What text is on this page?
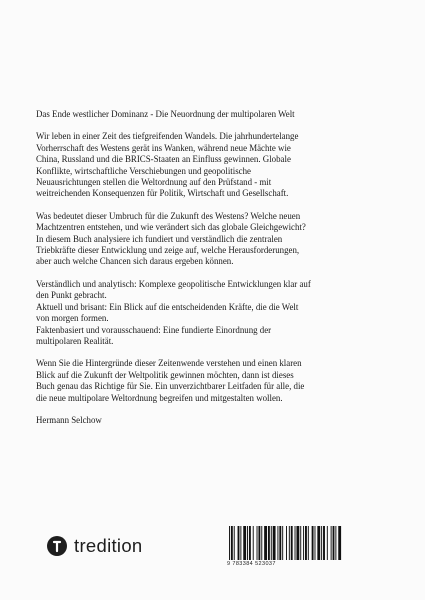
Das Ende westlicher Dominanz - Die Neuordnung der multipolaren Welt

Wir leben in einer Zeit des tiefgreifenden Wandels. Die jahrhundertelange
Vorherrschaft des Westens gerät ins Wanken, während neue Mächte wie
China, Russland und die BRICS-Staaten an Einfluss gewinnen. Globale
Konflikte, wirtschaftliche Verschiebungen und geopolitische
Neuausrichtungen stellen die Weltordnung auf den Prüfstand - mit
weitreichenden Konsequenzen für Politik, Wirtschaft und Gesellschaft.

Was bedeutet dieser Umbruch für die Zukunft des Westens? Welche neuen
Machtzentren entstehen, und wie verändert sich das globale Gleichgewicht?
In diesem Buch analysiere ich fundiert und verständlich die zentralen
Triebkräfte dieser Entwicklung und zeige auf, welche Herausforderungen,
aber auch welche Chancen sich daraus ergeben können.

Verständlich und analytisch: Komplexe geopolitische Entwicklungen klar auf
den Punkt gebracht.
Aktuell und brisant: Ein Blick auf die entscheidenden Kräfte, die die Welt
von morgen formen.
Faktenbasiert und vorausschauend: Eine fundierte Einordnung der
multipolaren Realität.

Wenn Sie die Hintergründe dieser Zeitenwende verstehen und einen klaren
Blick auf die Zukunft der Weltpolitik gewinnen möchten, dann ist dieses
Buch genau das Richtige für Sie. Ein unverzichtbarer Leitfaden für alle, die
die neue multipolare Weltordnung begreifen und mitgestalten wollen.

Hermann Selchow

tredition
9 783384 523037
